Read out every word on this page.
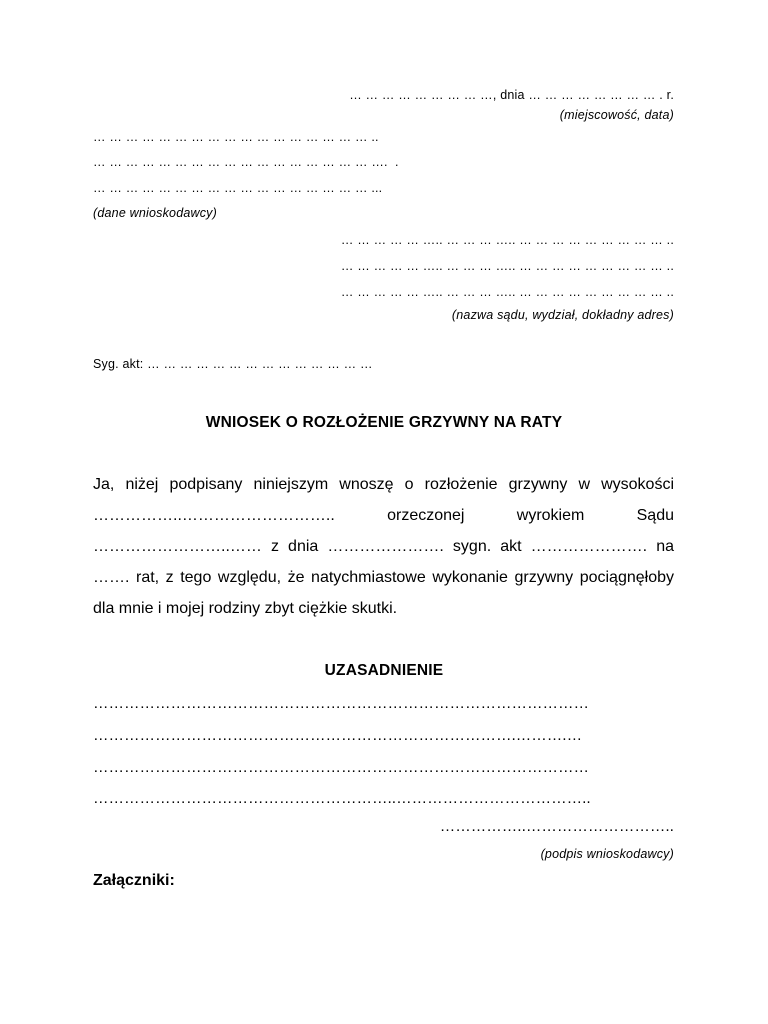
… … … … … … … … …, dnia … … … … … … … … . r.
(miejscowość, data)
… … … … … … … … … … … … … … … … … ..
… … … … … … … … … … … … … … … … … ….  .
… … … … … … … … … … … … … … … … … ...
(dane wnioskodawcy)
… … … … … ….. … … … ….. … … … … … … … … … ..
… … … … … ….. … … … ….. … … … … … … … … … ..
… … … … … ….. … … … ….. … … … … … … … … … ..
(nazwa sądu, wydział, dokładny adres)
Syg. akt: … … … … … … … … … … … … … …
WNIOSEK O ROZŁOŻENIE GRZYWNY NA RATY

Ja, niżej podpisany niniejszym wnoszę o rozłożenie grzywny w wysokości ……………..……………………….. orzeczonej wyrokiem Sądu ……………………..…… z dnia …………………. sygn. akt …………………. na ……. rat, z tego względu, że natychmiastowe wykonanie grzywny pociągnęłoby dla mnie i mojej rodziny zbyt ciężkie skutki.

UZASADNIENIE
……………………………………………………………………………………
……………………………………………………………………….……….…
……………………………………………………………………………………
…………………………………………………..………………………………..
……………..………………………..
(podpis wnioskodawcy)
Załączniki:
